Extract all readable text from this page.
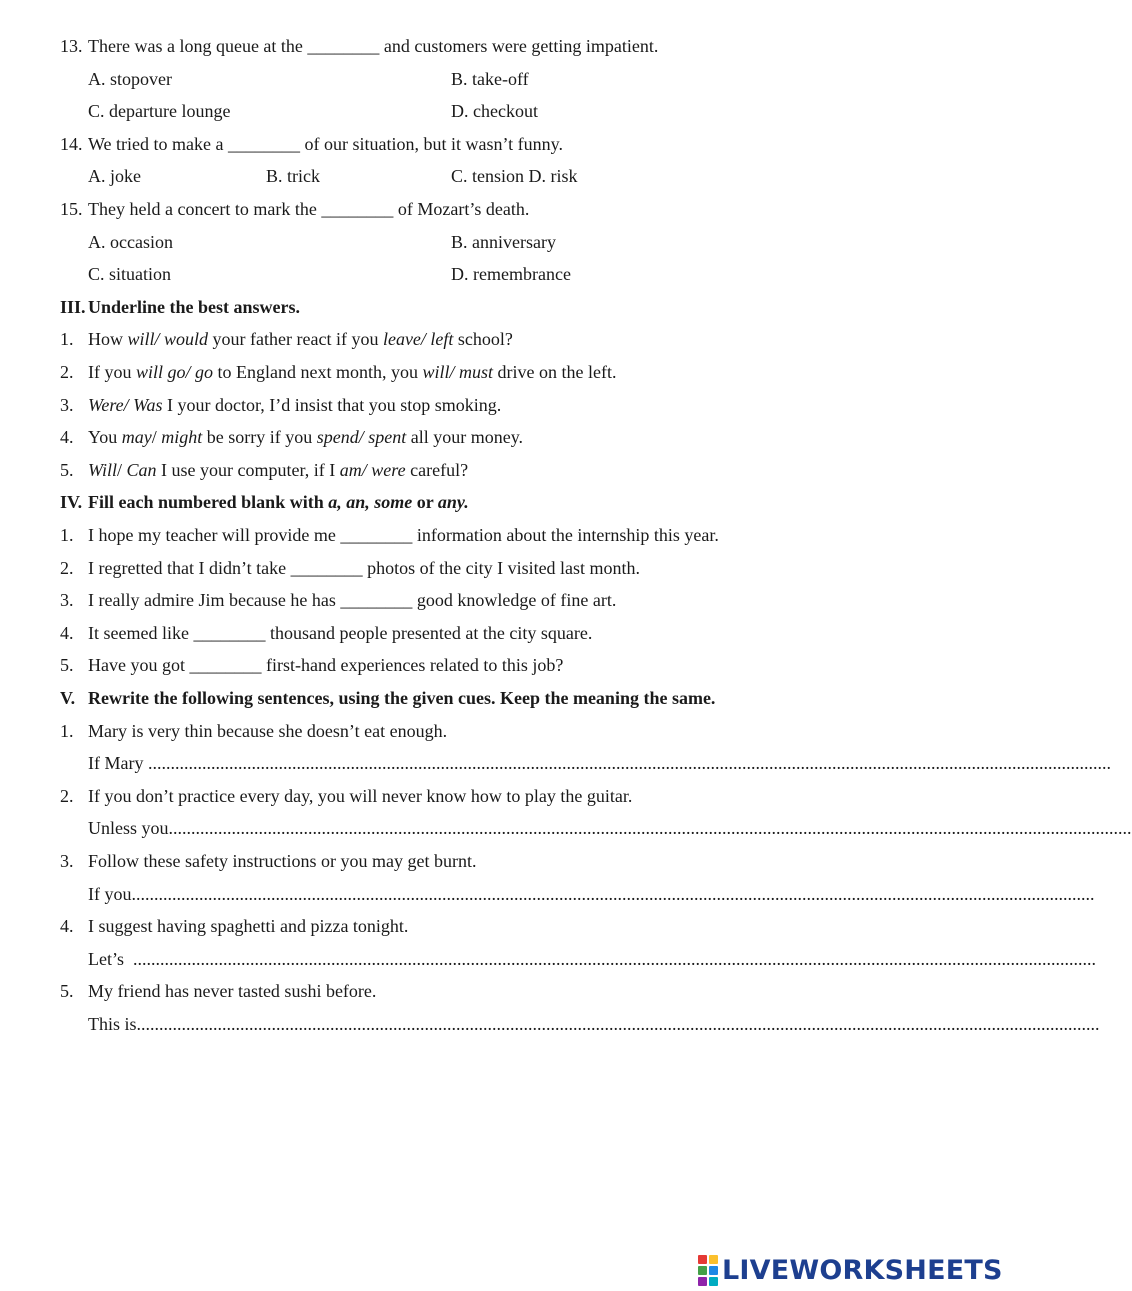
13. There was a long queue at the ________ and customers were getting impatient.
A. stopover	B. take-off
C. departure lounge	D. checkout
14. We tried to make a ________ of our situation, but it wasn’t funny.
A. joke	B. trick	C. tension D. risk
15. They held a concert to mark the ________ of Mozart’s death.
A. occasion	B. anniversary
C. situation	D. remembrance
III. Underline the best answers.
1. How will/ would your father react if you leave/ left school?
2. If you will go/ go to England next month, you will/ must drive on the left.
3. Were/ Was I your doctor, I’d insist that you stop smoking.
4. You may/ might be sorry if you spend/ spent all your money.
5. Will/ Can I use your computer, if I am/ were careful?
IV. Fill each numbered blank with a, an, some or any.
1. I hope my teacher will provide me ________ information about the internship this year.
2. I regretted that I didn’t take ________ photos of the city I visited last month.
3. I really admire Jim because he has ________ good knowledge of fine art.
4. It seemed like ________ thousand people presented at the city square.
5. Have you got ________ first-hand experiences related to this job?
V. Rewrite the following sentences, using the given cues. Keep the meaning the same.
1. Mary is very thin because she doesn’t eat enough.
If Mary ......................................................................................................................................................................................................................
2. If you don’t practice every day, you will never know how to play the guitar.
Unless you......................................................................................................................................................................................................................
3. Follow these safety instructions or you may get burnt.
If you......................................................................................................................................................................................................................
4. I suggest having spaghetti and pizza tonight.
Let’s  ......................................................................................................................................................................................................................
5. My friend has never tasted sushi before.
This is......................................................................................................................................................................................................................
LIVEWORKSHEETS
